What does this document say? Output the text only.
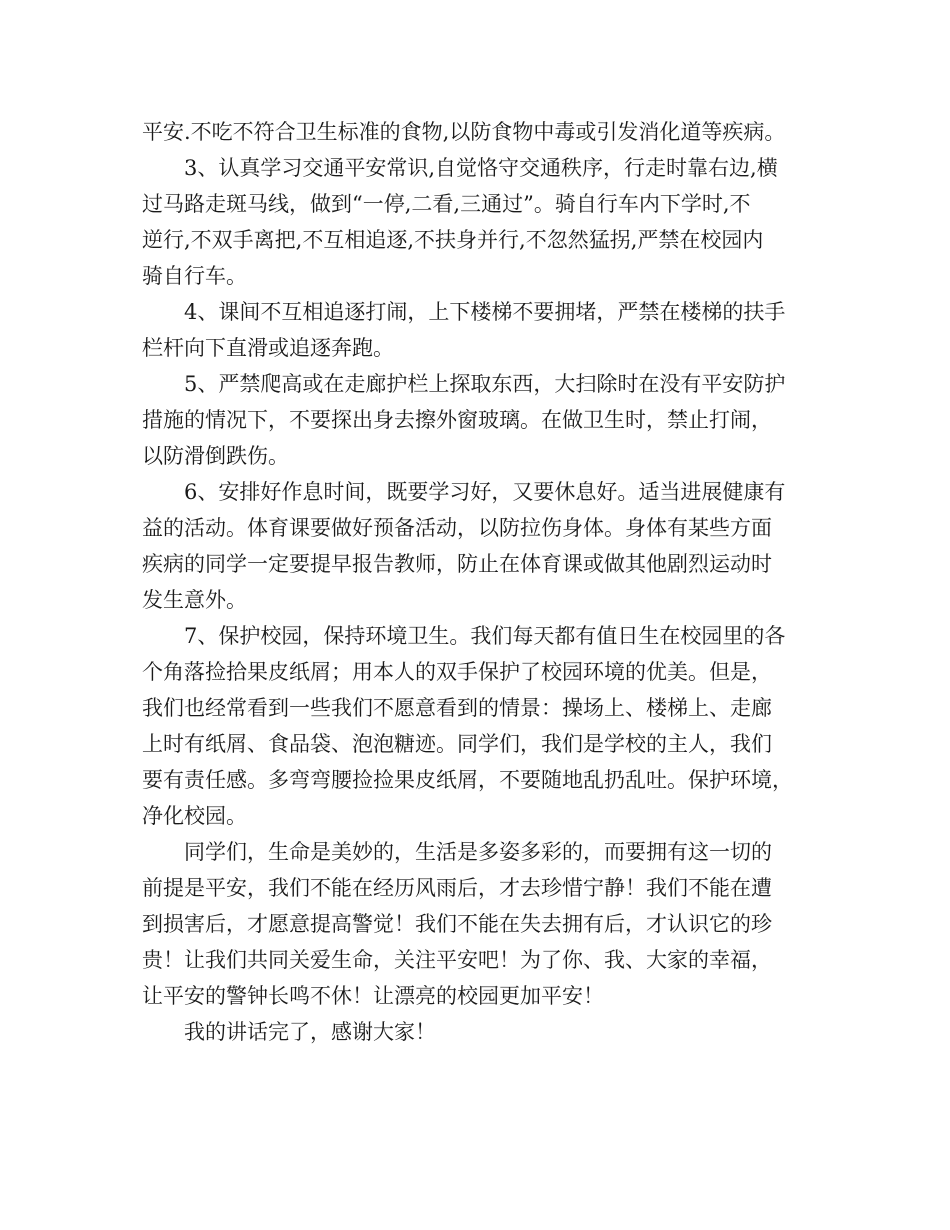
平安.不吃不符合卫生标准的食物,以防食物中毒或引发消化道等疾病。
3、认真学习交通平安常识,自觉恪守交通秩序，行走时靠右边,横
过马路走斑马线，做到“一停,二看,三通过”。骑自行车内下学时,不
逆行,不双手离把,不互相追逐,不扶身并行,不忽然猛拐,严禁在校园内
骑自行车。
4、课间不互相追逐打闹，上下楼梯不要拥堵，严禁在楼梯的扶手
栏杆向下直滑或追逐奔跑。
5、严禁爬高或在走廊护栏上探取东西，大扫除时在没有平安防护
措施的情况下，不要探出身去擦外窗玻璃。在做卫生时，禁止打闹，
以防滑倒跌伤。
6、安排好作息时间，既要学习好，又要休息好。适当进展健康有
益的活动。体育课要做好预备活动，以防拉伤身体。身体有某些方面
疾病的同学一定要提早报告教师，防止在体育课或做其他剧烈运动时
发生意外。
7、保护校园，保持环境卫生。我们每天都有值日生在校园里的各
个角落捡拾果皮纸屑；用本人的双手保护了校园环境的优美。但是，
我们也经常看到一些我们不愿意看到的情景：操场上、楼梯上、走廊
上时有纸屑、食品袋、泡泡糖迹。同学们，我们是学校的主人，我们
要有责任感。多弯弯腰捡捡果皮纸屑，不要随地乱扔乱吐。保护环境，
净化校园。
同学们，生命是美妙的，生活是多姿多彩的，而要拥有这一切的
前提是平安，我们不能在经历风雨后，才去珍惜宁静！我们不能在遭
到损害后，才愿意提高警觉！我们不能在失去拥有后，才认识它的珍
贵！让我们共同关爱生命，关注平安吧！为了你、我、大家的幸福，
让平安的警钟长鸣不休！让漂亮的校园更加平安！
我的讲话完了，感谢大家！
